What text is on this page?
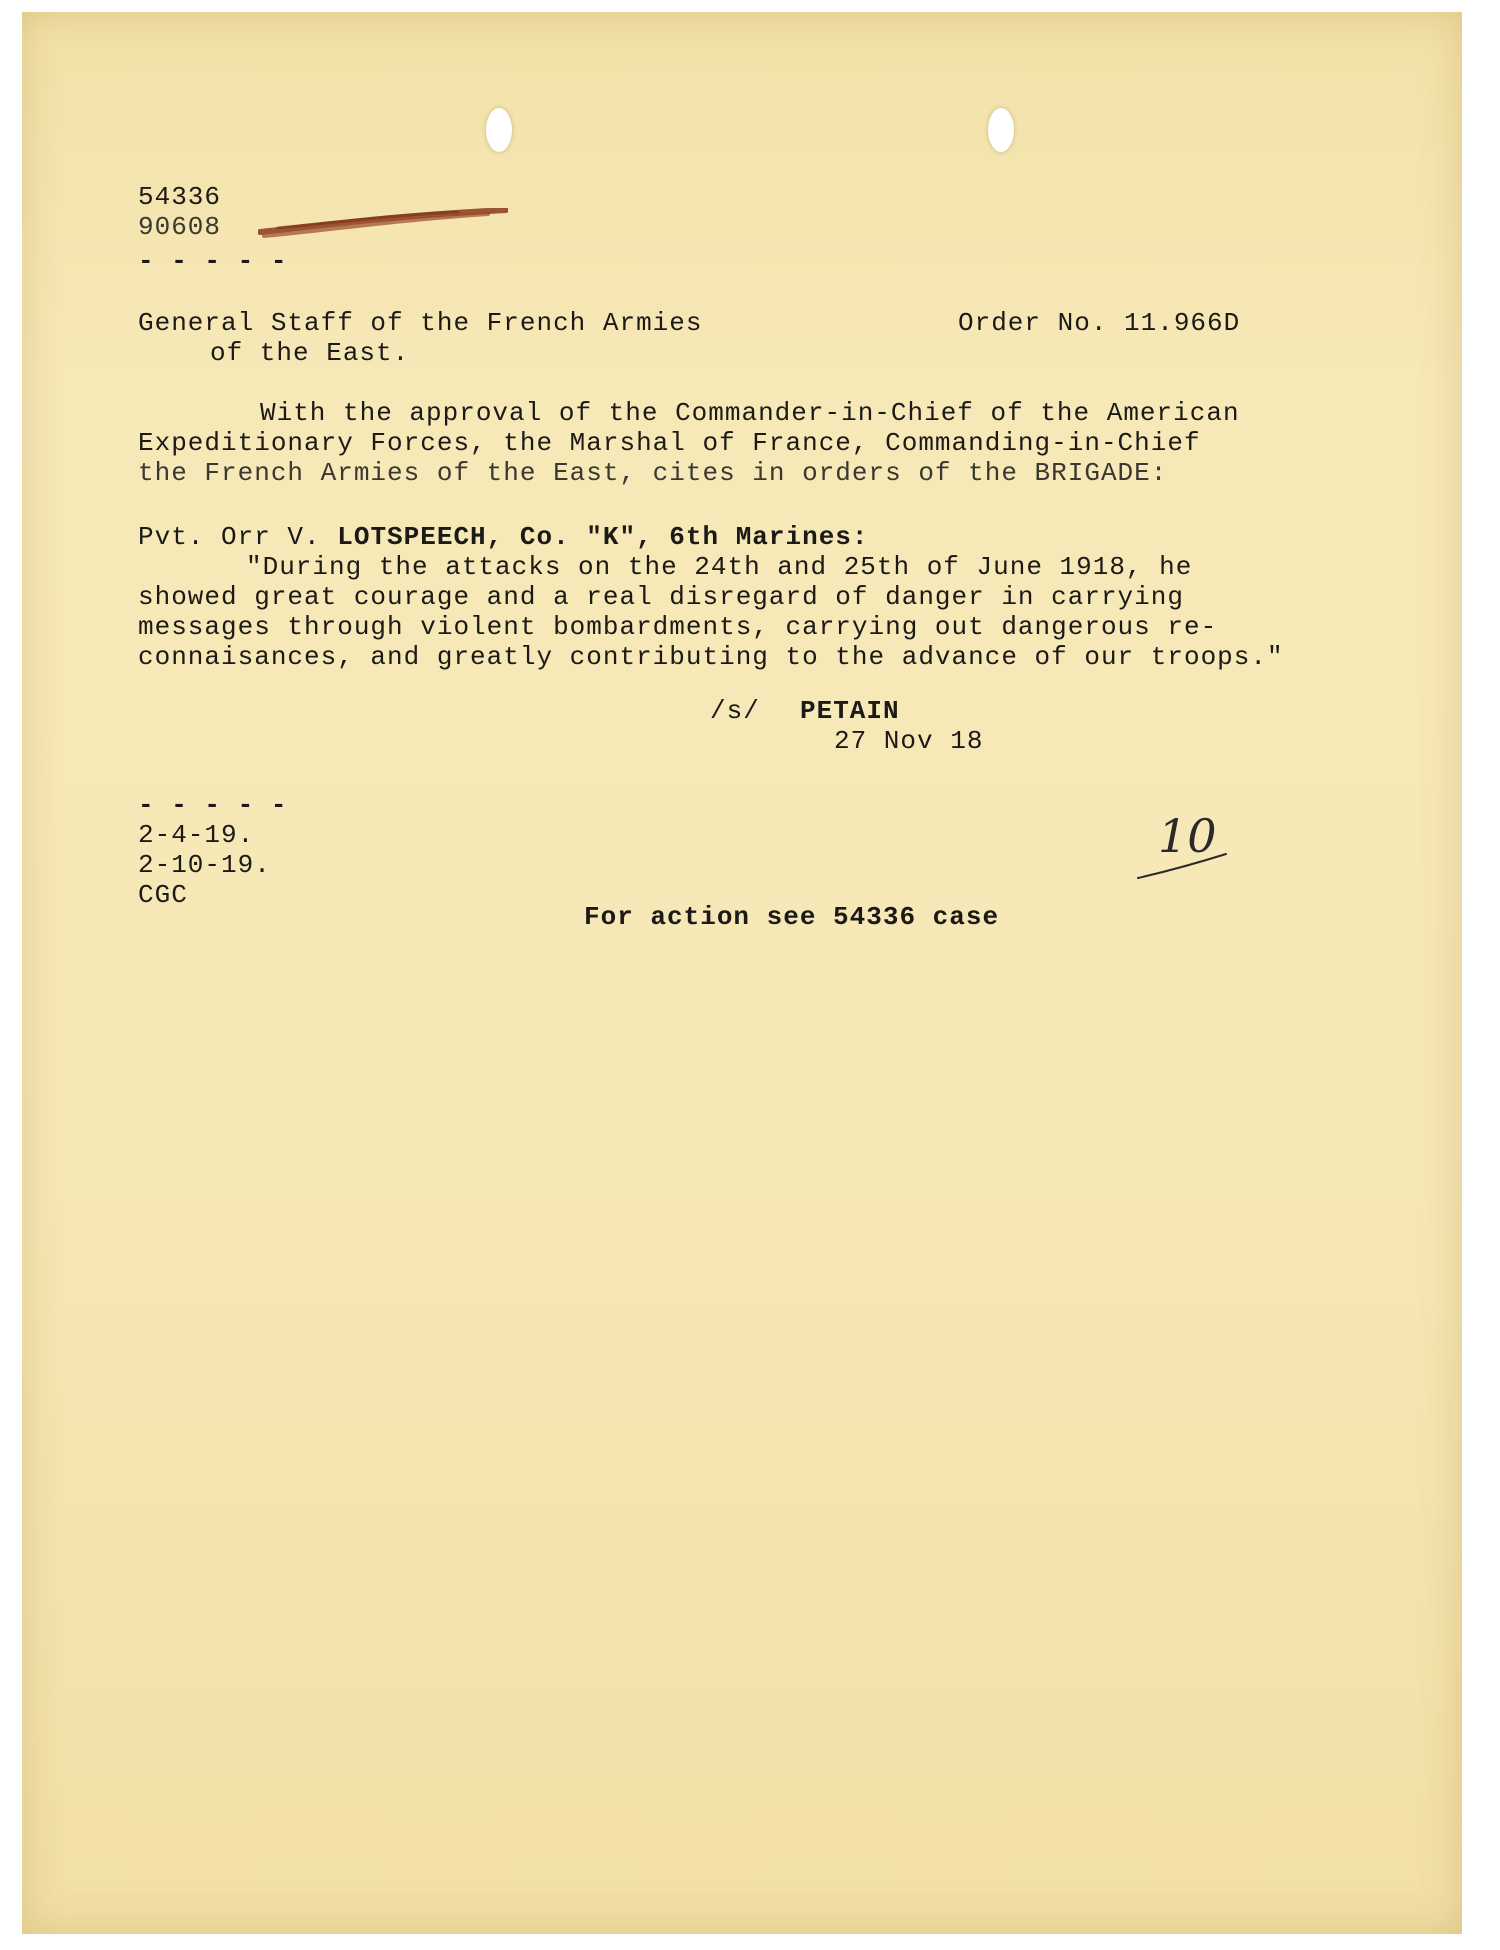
54336
90608
- - - - -
General Staff of the French Armies
of the East.
Order No. 11.966D
With the approval of the Commander-in-Chief of the American
Expeditionary Forces, the Marshal of France, Commanding-in-Chief
the French Armies of the East, cites in orders of the BRIGADE:
Pvt. Orr V. LOTSPEECH, Co. "K", 6th Marines:
"During the attacks on the 24th and 25th of June 1918, he
showed great courage and a real disregard of danger in carrying
messages through violent bombardments, carrying out dangerous re-
connaisances, and greatly contributing to the advance of our troops."
/s/ PETAIN
27 Nov 18
- - - - -
2-4-19.
2-10-19.
CGC
For action see 54336 case
10
